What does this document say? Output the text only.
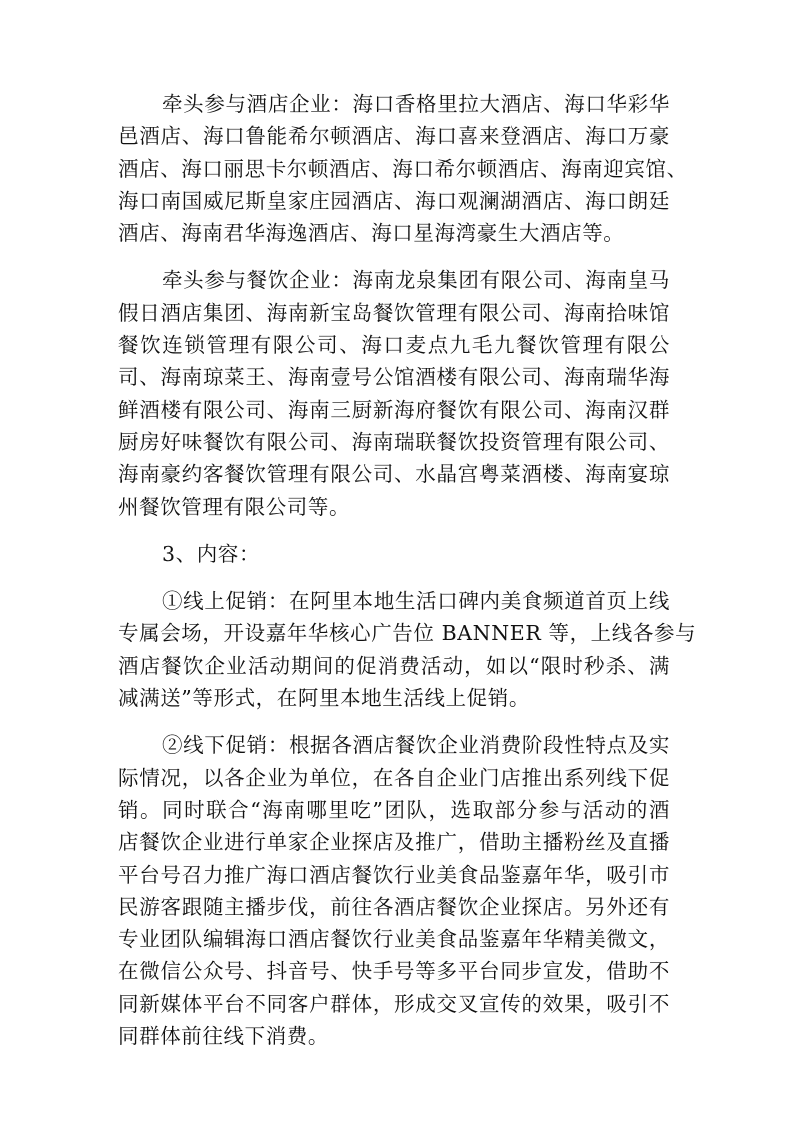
牵头参与酒店企业：海口香格里拉大酒店、海口华彩华
邑酒店、海口鲁能希尔顿酒店、海口喜来登酒店、海口万豪
酒店、海口丽思卡尔顿酒店、海口希尔顿酒店、海南迎宾馆、
海口南国威尼斯皇家庄园酒店、海口观澜湖酒店、海口朗廷
酒店、海南君华海逸酒店、海口星海湾豪生大酒店等。

牵头参与餐饮企业：海南龙泉集团有限公司、海南皇马
假日酒店集团、海南新宝岛餐饮管理有限公司、海南拾味馆
餐饮连锁管理有限公司、海口麦点九毛九餐饮管理有限公
司、海南琼菜王、海南壹号公馆酒楼有限公司、海南瑞华海
鲜酒楼有限公司、海南三厨新海府餐饮有限公司、海南汉群
厨房好味餐饮有限公司、海南瑞联餐饮投资管理有限公司、
海南豪约客餐饮管理有限公司、水晶宫粤菜酒楼、海南宴琼
州餐饮管理有限公司等。

3、内容：

①线上促销：在阿里本地生活口碑内美食频道首页上线
专属会场，开设嘉年华核心广告位 BANNER 等，上线各参与
酒店餐饮企业活动期间的促消费活动，如以“限时秒杀、满
减满送”等形式，在阿里本地生活线上促销。

②线下促销：根据各酒店餐饮企业消费阶段性特点及实
际情况，以各企业为单位，在各自企业门店推出系列线下促
销。同时联合“海南哪里吃”团队，选取部分参与活动的酒
店餐饮企业进行单家企业探店及推广，借助主播粉丝及直播
平台号召力推广海口酒店餐饮行业美食品鉴嘉年华，吸引市
民游客跟随主播步伐，前往各酒店餐饮企业探店。另外还有
专业团队编辑海口酒店餐饮行业美食品鉴嘉年华精美微文，
在微信公众号、抖音号、快手号等多平台同步宣发，借助不
同新媒体平台不同客户群体，形成交叉宣传的效果，吸引不
同群体前往线下消费。
